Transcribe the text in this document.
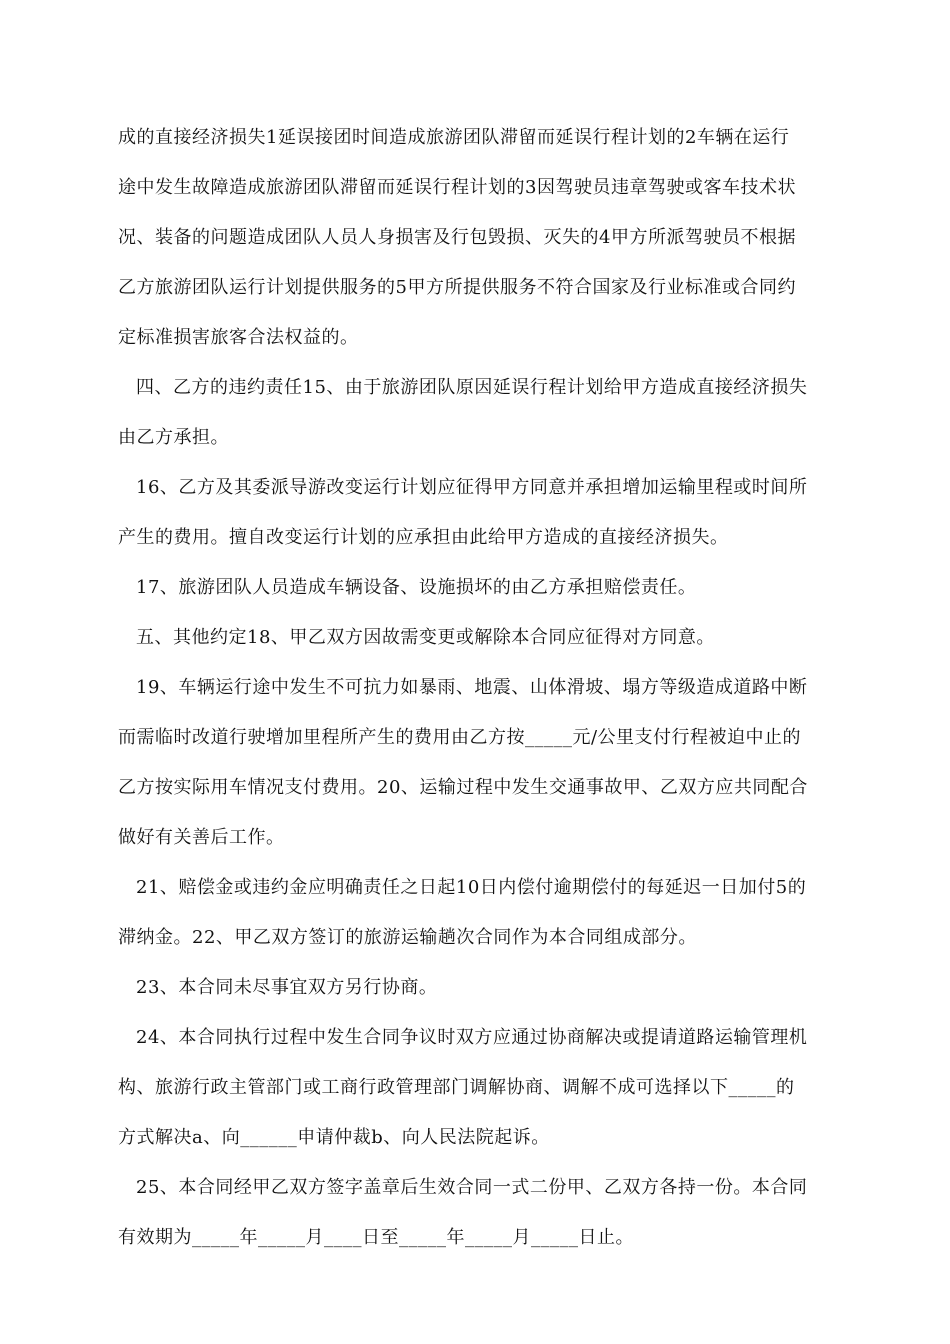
成的直接经济损失1延误接团时间造成旅游团队滞留而延误行程计划的2车辆在运行
途中发生故障造成旅游团队滞留而延误行程计划的3因驾驶员违章驾驶或客车技术状
况、装备的问题造成团队人员人身损害及行包毁损、灭失的4甲方所派驾驶员不根据
乙方旅游团队运行计划提供服务的5甲方所提供服务不符合国家及行业标准或合同约
定标准损害旅客合法权益的。
四、乙方的违约责任15、由于旅游团队原因延误行程计划给甲方造成直接经济损失
由乙方承担。
16、乙方及其委派导游改变运行计划应征得甲方同意并承担增加运输里程或时间所
产生的费用。擅自改变运行计划的应承担由此给甲方造成的直接经济损失。
17、旅游团队人员造成车辆设备、设施损坏的由乙方承担赔偿责任。
五、其他约定18、甲乙双方因故需变更或解除本合同应征得对方同意。
19、车辆运行途中发生不可抗力如暴雨、地震、山体滑坡、塌方等级造成道路中断
而需临时改道行驶增加里程所产生的费用由乙方按_____元/公里支付行程被迫中止的
乙方按实际用车情况支付费用。20、运输过程中发生交通事故甲、乙双方应共同配合
做好有关善后工作。
21、赔偿金或违约金应明确责任之日起10日内偿付逾期偿付的每延迟一日加付5的
滞纳金。22、甲乙双方签订的旅游运输趟次合同作为本合同组成部分。
23、本合同未尽事宜双方另行协商。
24、本合同执行过程中发生合同争议时双方应通过协商解决或提请道路运输管理机
构、旅游行政主管部门或工商行政管理部门调解协商、调解不成可选择以下_____的
方式解决a、向______申请仲裁b、向人民法院起诉。
25、本合同经甲乙双方签字盖章后生效合同一式二份甲、乙双方各持一份。本合同
有效期为_____年_____月____日至_____年_____月_____日止。
